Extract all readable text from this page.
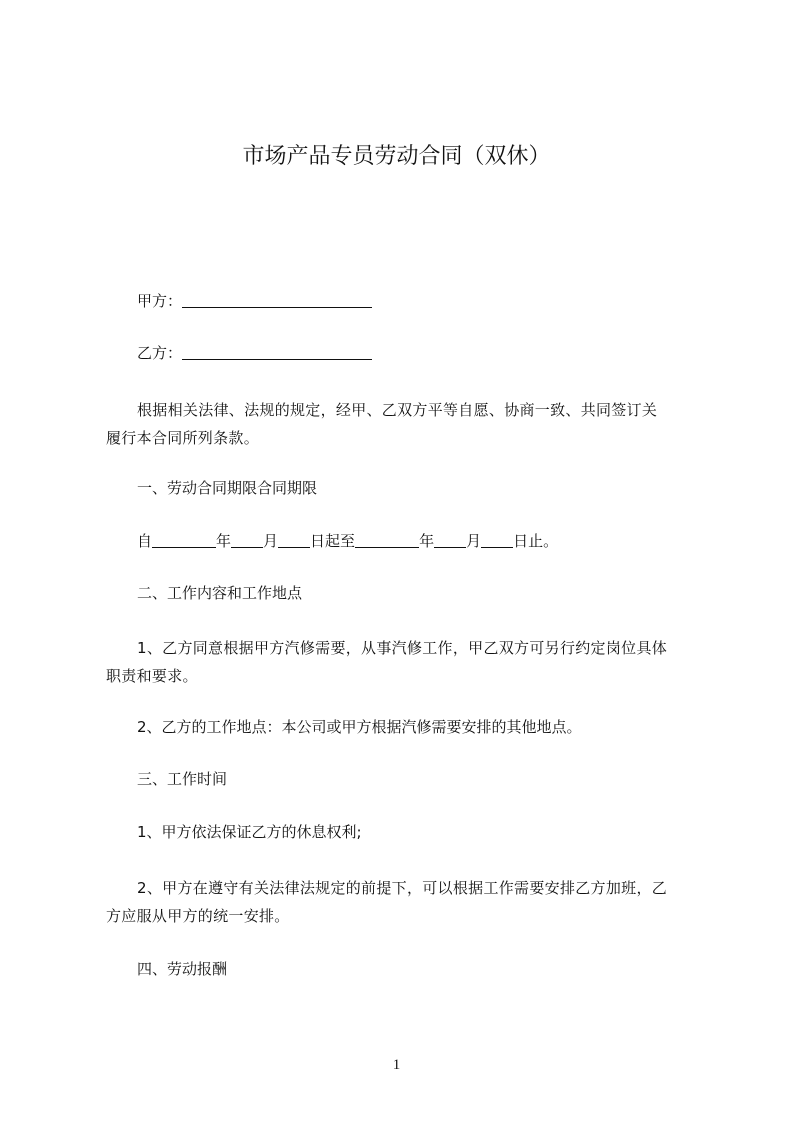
市场产品专员劳动合同（双休）
甲方：
乙方：
根据相关法律、法规的规定，经甲、乙双方平等自愿、协商一致、共同签订关履行本合同所列条款。
一、劳动合同期限合同期限
自	年 月 日起至	年 月 日止。
二、工作内容和工作地点
1、乙方同意根据甲方汽修需要，从事汽修工作，甲乙双方可另行约定岗位具体职责和要求。
2、乙方的工作地点：本公司或甲方根据汽修需要安排的其他地点。
三、工作时间
1、甲方依法保证乙方的休息权利;
2、甲方在遵守有关法律法规定的前提下，可以根据工作需要安排乙方加班，乙方应服从甲方的统一安排。
四、劳动报酬
1
